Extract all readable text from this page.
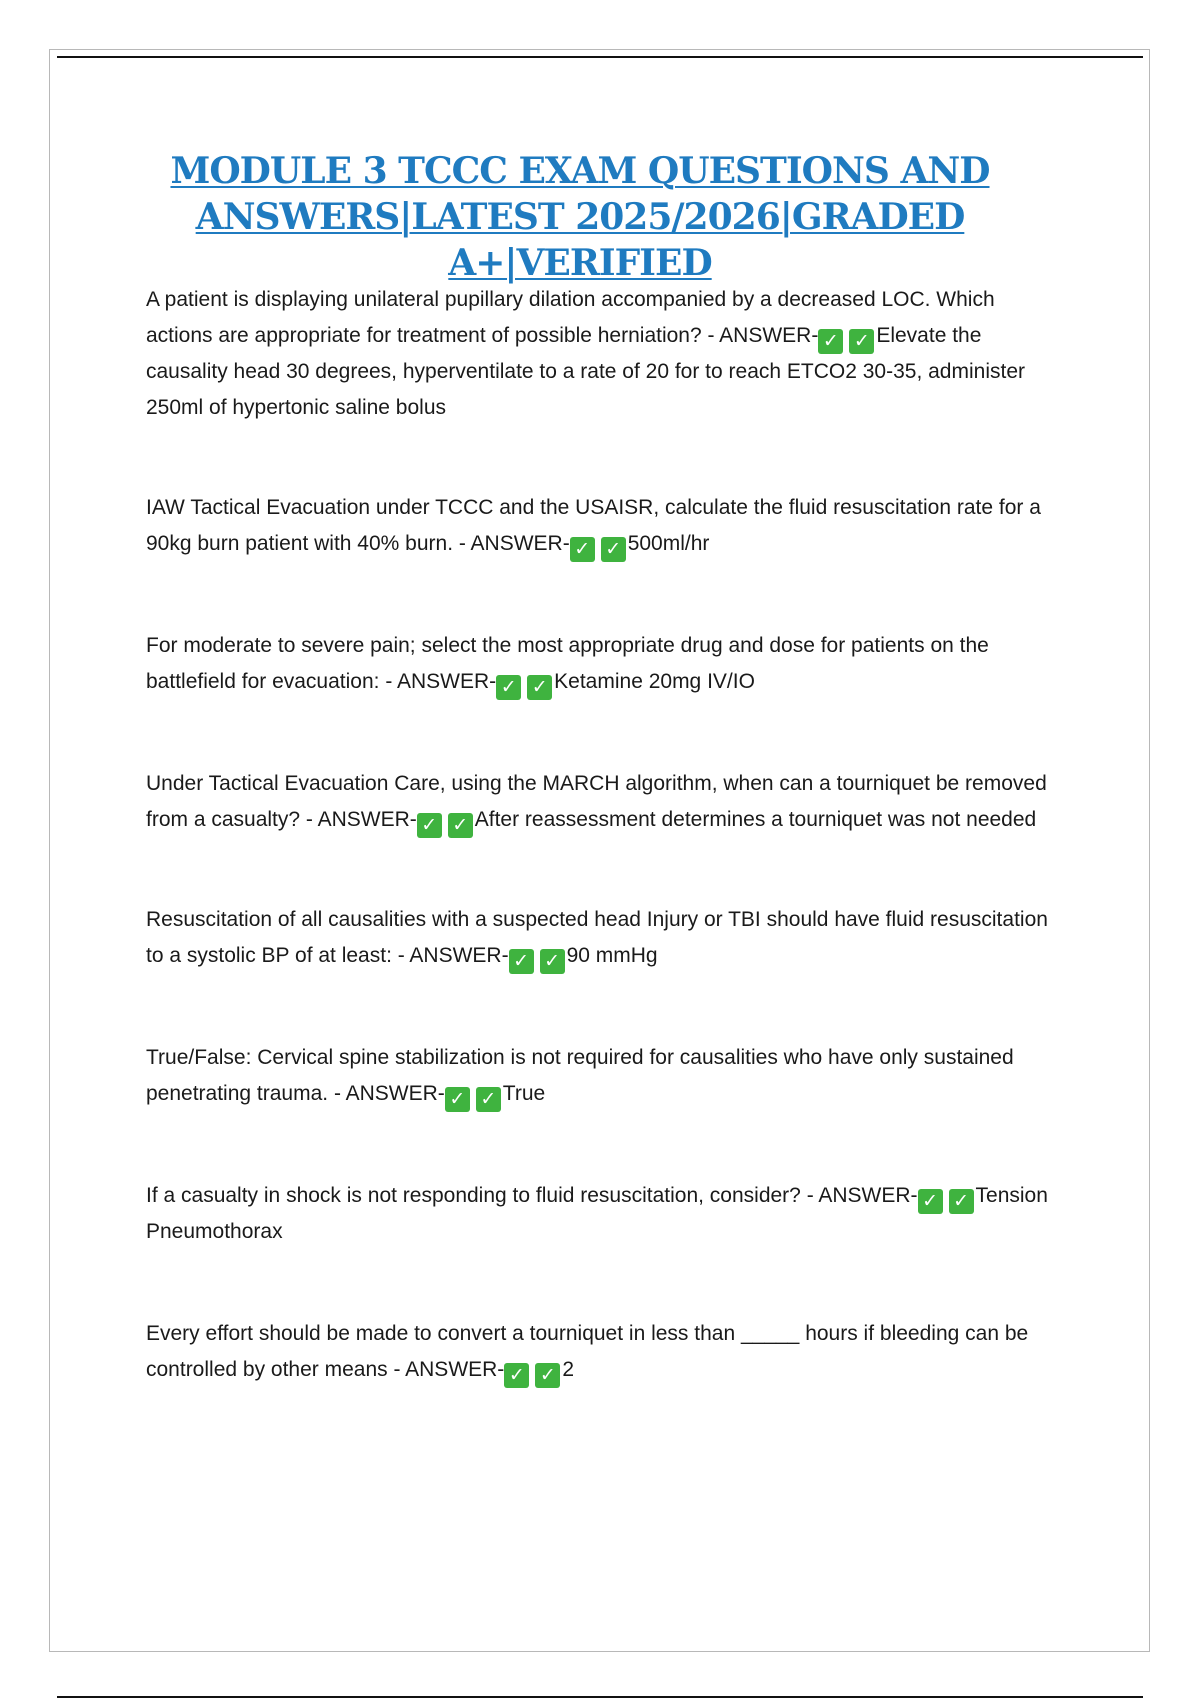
MODULE 3 TCCC EXAM QUESTIONS AND ANSWERS|LATEST 2025/2026|GRADED A+|VERIFIED

A patient is displaying unilateral pupillary dilation accompanied by a decreased LOC. Which actions are appropriate for treatment of possible herniation? - ANSWER- ✓ ✓ Elevate the causality head 30 degrees, hyperventilate to a rate of 20 for to reach ETCO2 30-35, administer 250ml of hypertonic saline bolus

IAW Tactical Evacuation under TCCC and the USAISR, calculate the fluid resuscitation rate for a 90kg burn patient with 40% burn. - ANSWER- ✓ ✓ 500ml/hr

For moderate to severe pain; select the most appropriate drug and dose for patients on the battlefield for evacuation: - ANSWER- ✓ ✓ Ketamine 20mg IV/IO

Under Tactical Evacuation Care, using the MARCH algorithm, when can a tourniquet be removed from a casualty? - ANSWER- ✓ ✓ After reassessment determines a tourniquet was not needed

Resuscitation of all causalities with a suspected head Injury or TBI should have fluid resuscitation to a systolic BP of at least: - ANSWER- ✓ ✓ 90 mmHg

True/False: Cervical spine stabilization is not required for causalities who have only sustained penetrating trauma. - ANSWER- ✓ ✓ True

If a casualty in shock is not responding to fluid resuscitation, consider? - ANSWER- ✓ ✓ Tension Pneumothorax

Every effort should be made to convert a tourniquet in less than _____ hours if bleeding can be controlled by other means - ANSWER- ✓ ✓ 2
